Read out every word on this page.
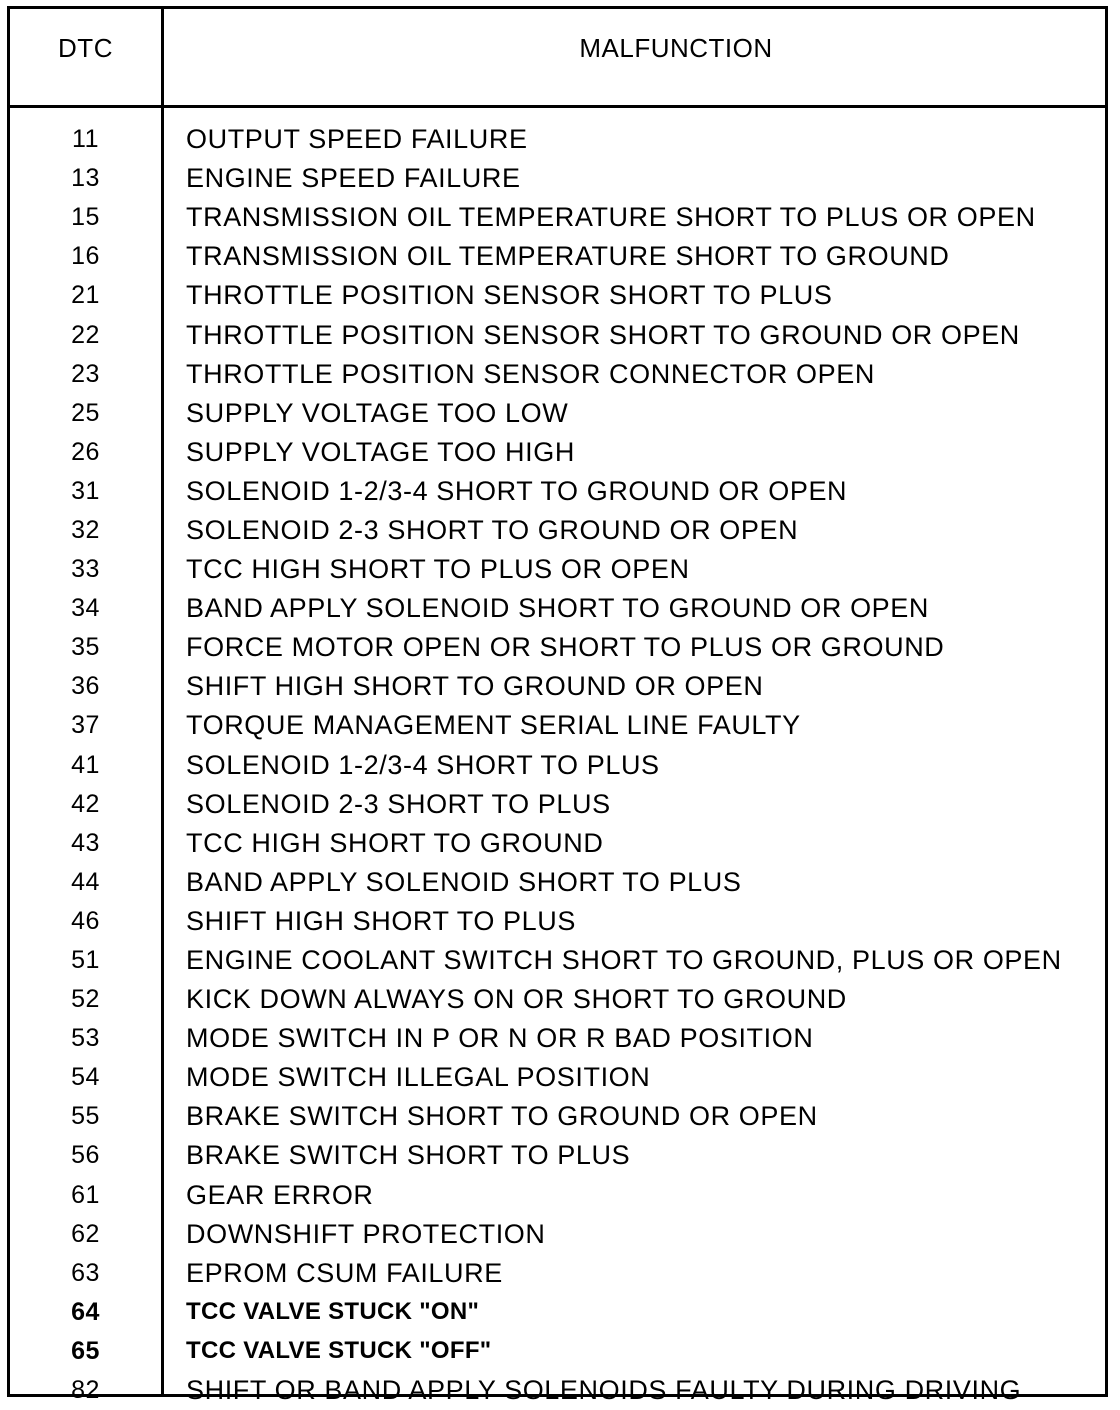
DTC	MALFUNCTION
11	OUTPUT SPEED FAILURE
13	ENGINE SPEED FAILURE
15	TRANSMISSION OIL TEMPERATURE SHORT TO PLUS OR OPEN
16	TRANSMISSION OIL TEMPERATURE SHORT TO GROUND
21	THROTTLE POSITION SENSOR SHORT TO PLUS
22	THROTTLE POSITION SENSOR SHORT TO GROUND OR OPEN
23	THROTTLE POSITION SENSOR CONNECTOR OPEN
25	SUPPLY VOLTAGE TOO LOW
26	SUPPLY VOLTAGE TOO HIGH
31	SOLENOID 1-2/3-4 SHORT TO GROUND OR OPEN
32	SOLENOID 2-3 SHORT TO GROUND OR OPEN
33	TCC HIGH SHORT TO PLUS OR OPEN
34	BAND APPLY SOLENOID SHORT TO GROUND OR OPEN
35	FORCE MOTOR OPEN OR SHORT TO PLUS OR GROUND
36	SHIFT HIGH SHORT TO GROUND OR OPEN
37	TORQUE MANAGEMENT SERIAL LINE FAULTY
41	SOLENOID 1-2/3-4 SHORT TO PLUS
42	SOLENOID 2-3 SHORT TO PLUS
43	TCC HIGH SHORT TO GROUND
44	BAND APPLY SOLENOID SHORT TO PLUS
46	SHIFT HIGH SHORT TO PLUS
51	ENGINE COOLANT SWITCH SHORT TO GROUND, PLUS OR OPEN
52	KICK DOWN ALWAYS ON OR SHORT TO GROUND
53	MODE SWITCH IN P OR N OR R BAD POSITION
54	MODE SWITCH ILLEGAL POSITION
55	BRAKE SWITCH SHORT TO GROUND OR OPEN
56	BRAKE SWITCH SHORT TO PLUS
61	GEAR ERROR
62	DOWNSHIFT PROTECTION
63	EPROM CSUM FAILURE
64	TCC VALVE STUCK "ON"
65	TCC VALVE STUCK "OFF"
82	SHIFT OR BAND APPLY SOLENOIDS FAULTY DURING DRIVING
